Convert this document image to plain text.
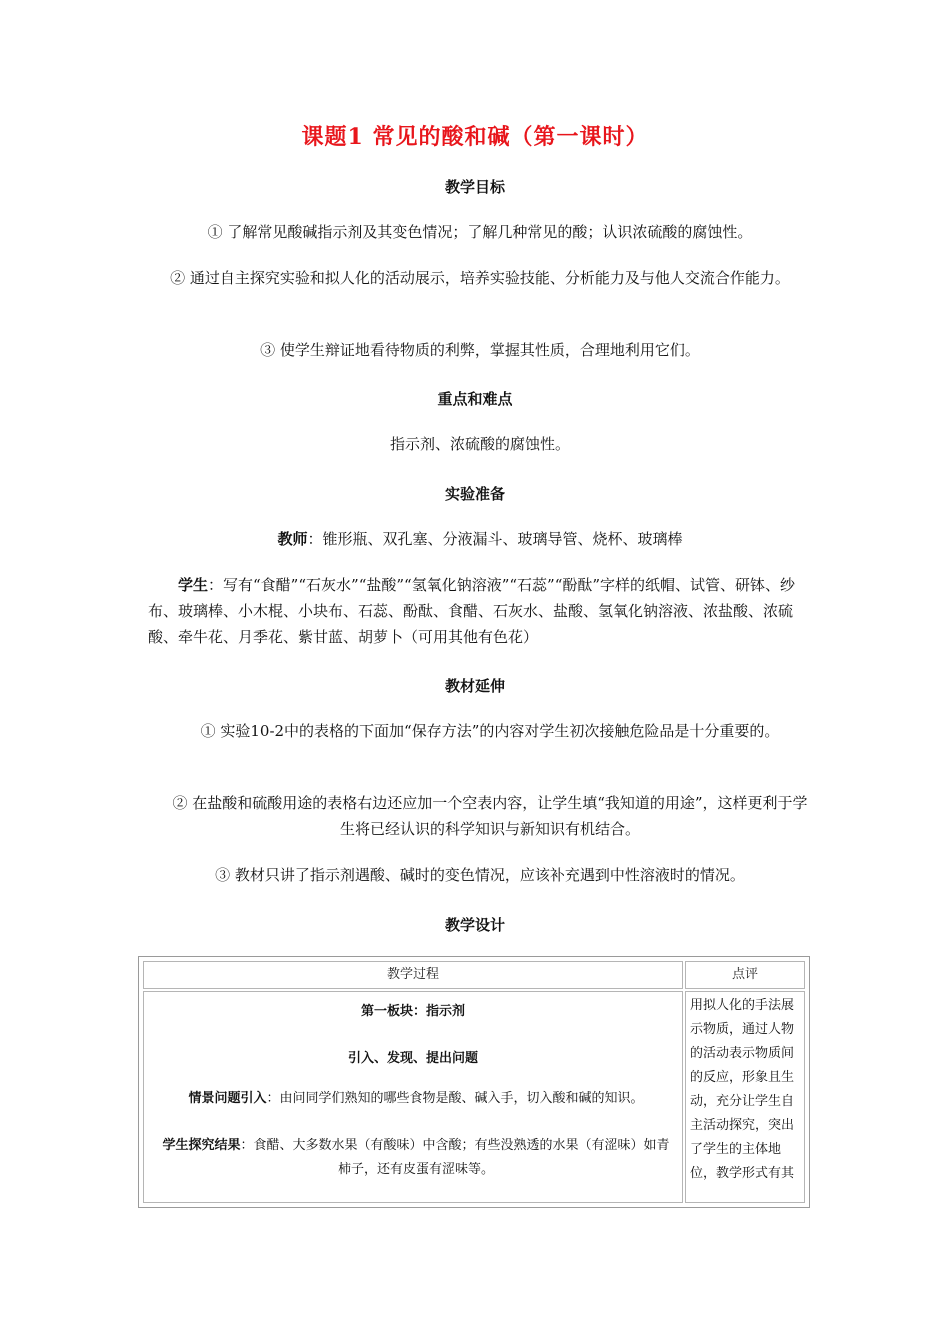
课题1 常见的酸和碱（第一课时）
教学目标
① 了解常见酸碱指示剂及其变色情况；了解几种常见的酸；认识浓硫酸的腐蚀性。
② 通过自主探究实验和拟人化的活动展示，培养实验技能、分析能力及与他人交流合作能力。
③ 使学生辩证地看待物质的利弊，掌握其性质，合理地利用它们。
重点和难点
指示剂、浓硫酸的腐蚀性。
实验准备
教师：锥形瓶、双孔塞、分液漏斗、玻璃导管、烧杯、玻璃棒
学生：写有“食醋”“石灰水”“盐酸”“氢氧化钠溶液”“石蕊”“酚酞”字样的纸帽、试管、研钵、纱布、玻璃棒、小木棍、小块布、石蕊、酚酞、食醋、石灰水、盐酸、氢氧化钠溶液、浓盐酸、浓硫酸、牵牛花、月季花、紫甘蓝、胡萝卜（可用其他有色花）
教材延伸
① 实验10-2中的表格的下面加“保存方法”的内容对学生初次接触危险品是十分重要的。
② 在盐酸和硫酸用途的表格右边还应加一个空表内容，让学生填“我知道的用途”，这样更利于学生将已经认识的科学知识与新知识有机结合。
③ 教材只讲了指示剂遇酸、碱时的变色情况，应该补充遇到中性溶液时的情况。
教学设计
教学过程	点评
第一板块：指示剂
引入、发现、提出问题
情景问题引入：由问同学们熟知的哪些食物是酸、碱入手，切入酸和碱的知识。
学生探究结果：食醋、大多数水果（有酸味）中含酸；有些没熟透的水果（有涩味）如青柿子，还有皮蛋有涩味等。
用拟人化的手法展示物质，通过人物的活动表示物质间的反应，形象且生动，充分让学生自主活动探究，突出了学生的主体地位，教学形式有其
